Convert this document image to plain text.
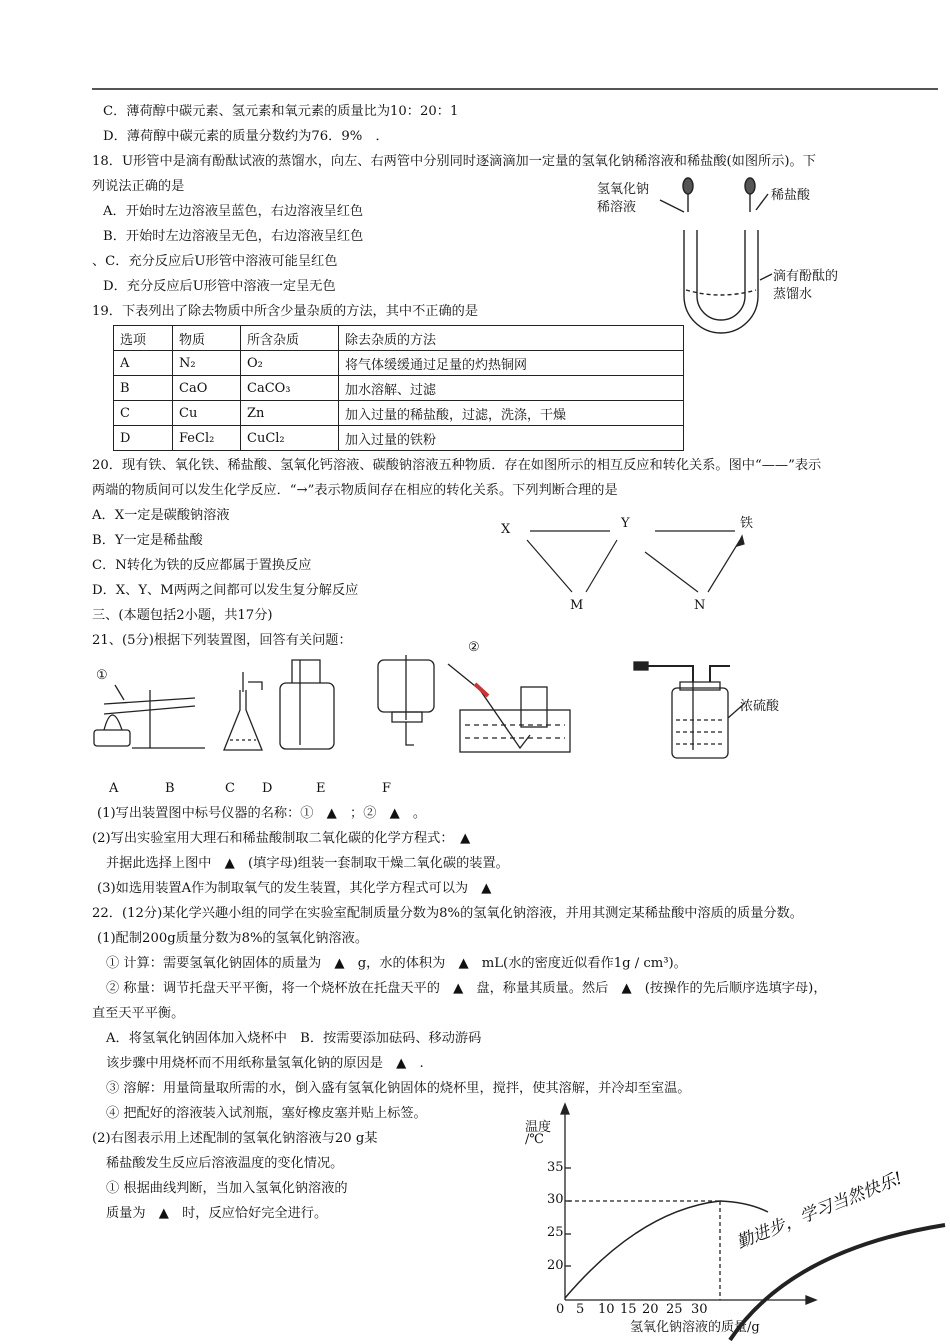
C．薄荷醇中碳元素、氢元素和氧元素的质量比为10：20：1
D．薄荷醇中碳元素的质量分数约为76．9%　．
18．U形管中是滴有酚酞试液的蒸馏水，向左、右两管中分别同时逐滴滴加一定量的氢氧化钠稀溶液和稀盐酸(如图所示)。下
列说法正确的是
A．开始时左边溶液呈蓝色，右边溶液呈红色
B．开始时左边溶液呈无色，右边溶液呈红色
、C．充分反应后U形管中溶液可能呈红色
D．充分反应后U形管中溶液一定呈无色
19．下表列出了除去物质中所含少量杂质的方法，其中不正确的是
选项	物质	所含杂质	除去杂质的方法
A	N₂	O₂	将气体缓缓通过足量的灼热铜网
B	CaO	CaCO₃	加水溶解、过滤
C	Cu	Zn	加入过量的稀盐酸，过滤，洗涤，干燥
D	FeCl₂	CuCl₂	加入过量的铁粉
20．现有铁、氧化铁、稀盐酸、氢氧化钙溶液、碳酸钠溶液五种物质．存在如图所示的相互反应和转化关系。图中“——”表示
两端的物质间可以发生化学反应．“→”表示物质间存在相应的转化关系。下列判断合理的是
A．X一定是碳酸钠溶液
B．Y一定是稀盐酸
C．N转化为铁的反应都属于置换反应
D．X、Y、M两两之间都可以发生复分解反应
三、(本题包括2小题，共17分)
21、(5分)根据下列装置图，回答有关问题：
(1)写出装置图中标号仪器的名称：①　▲　；②　▲　。
(2)写出实验室用大理石和稀盐酸制取二氧化碳的化学方程式：　▲　
并据此选择上图中　▲　(填字母)组装一套制取干燥二氧化碳的装置。
(3)如选用装置A作为制取氧气的发生装置，其化学方程式可以为　▲　
22．(12分)某化学兴趣小组的同学在实验室配制质量分数为8%的氢氧化钠溶液，并用其测定某稀盐酸中溶质的质量分数。
(1)配制200g质量分数为8%的氢氧化钠溶液。
① 计算：需要氢氧化钠固体的质量为　▲　g，水的体积为　▲　mL(水的密度近似看作1g / cm³)。
② 称量：调节托盘天平平衡，将一个烧杯放在托盘天平的　▲　盘，称量其质量。然后　▲　(按操作的先后顺序选填字母)，
直至天平平衡。
A．将氢氧化钠固体加入烧杯中　B．按需要添加砝码、移动游码
该步骤中用烧杯而不用纸称量氢氧化钠的原因是　▲　.
③ 溶解：用量筒量取所需的水，倒入盛有氢氧化钠固体的烧杯里，搅拌，使其溶解，并冷却至室温。
④ 把配好的溶液装入试剂瓶，塞好橡皮塞并贴上标签。
(2)右图表示用上述配制的氢氧化钠溶液与20 g某
稀盐酸发生反应后溶液温度的变化情况。
① 根据曲线判断，当加入氢氧化钠溶液的
质量为　▲　时，反应恰好完全进行。
氢氧化钠
稀溶液
稀盐酸
滴有酚酞的
蒸馏水
X	Y	铁
M	N
①
②
A	B	C D	E	F
浓硫酸
温度
/℃
35
30
25
20
0 5 10 15 20 25 30
氢氧化钠溶液的质量/g
勤进步，学习当然快乐!
